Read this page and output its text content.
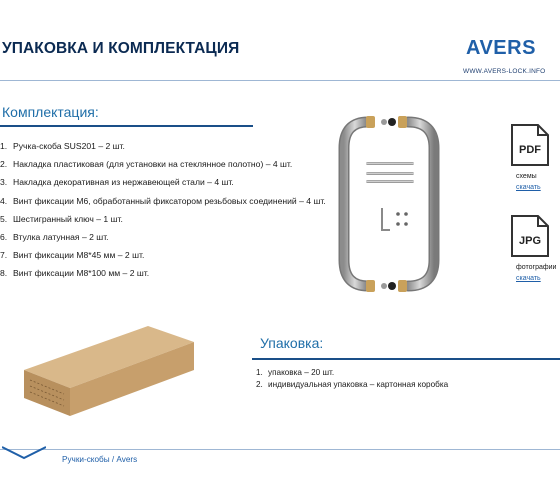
УПАКОВКА И КОМПЛЕКТАЦИЯ	AVERS
WWW.AVERS-LOCK.INFO
Комплектация:
1. Ручка-скоба SUS201 – 2 шт.
2. Накладка пластиковая (для установки на стеклянное полотно) – 4 шт.
3. Накладка декоративная из нержавеющей стали – 4 шт.
4. Винт фиксации М6, обработанный фиксатором резьбовых соединений – 4 шт.
5. Шестигранный ключ – 1 шт.
6. Втулка латунная – 2 шт.
7. Винт фиксации М8*45 мм – 2 шт.
8. Винт фиксации М8*100 мм – 2 шт.
PDF
схемы
скачать
JPG
фотографии
скачать
Упаковка:
1. упаковка – 20 шт.
2. индивидуальная упаковка – картонная коробка
Ручки-скобы / Avers
